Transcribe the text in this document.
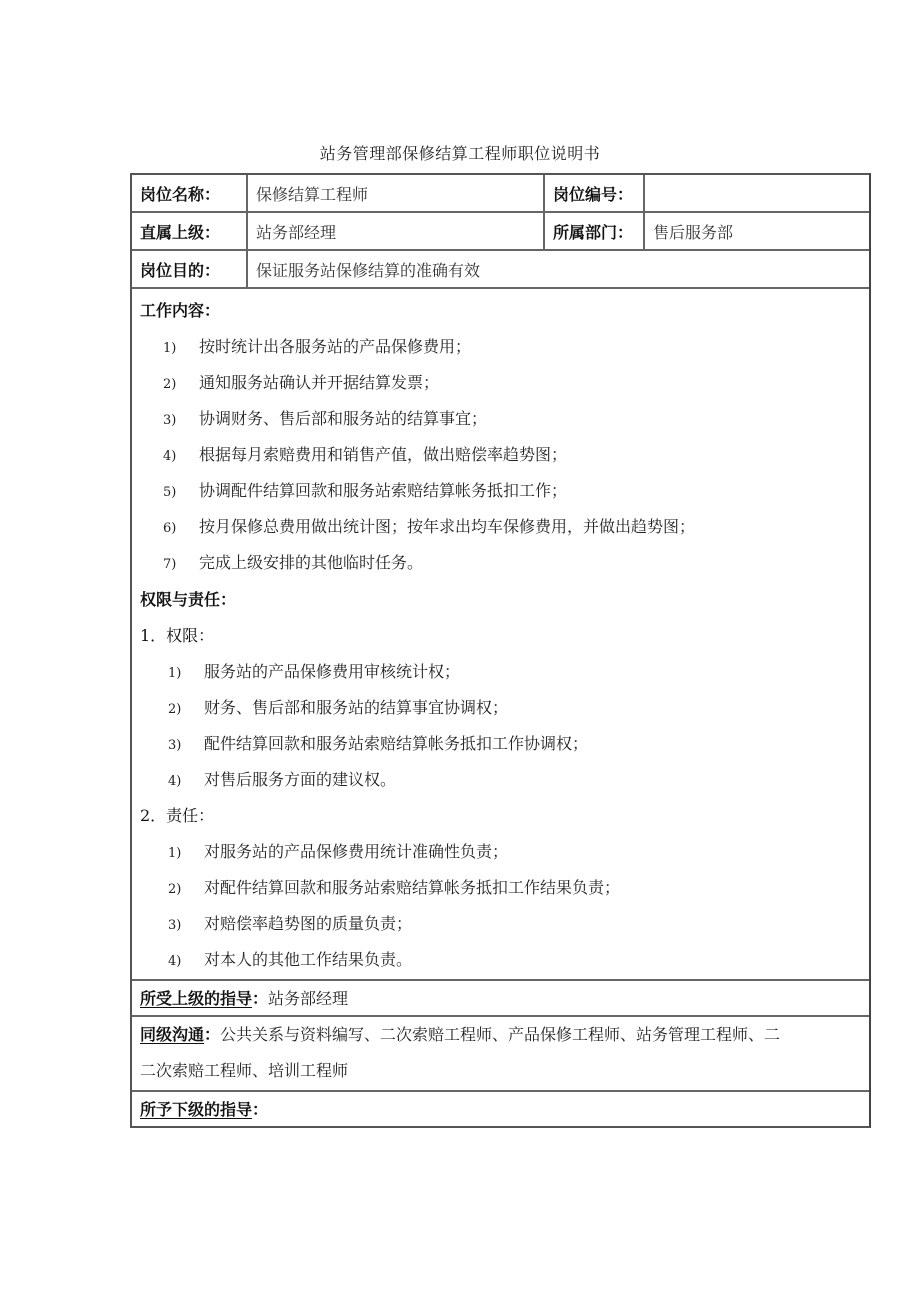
站务管理部保修结算工程师职位说明书
岗位名称：	保修结算工程师	岗位编号：
直属上级：	站务部经理	所属部门：	售后服务部
岗位目的：	保证服务站保修结算的准确有效
工作内容：
1) 按时统计出各服务站的产品保修费用；
2) 通知服务站确认并开据结算发票；
3) 协调财务、售后部和服务站的结算事宜；
4) 根据每月索赔费用和销售产值，做出赔偿率趋势图；
5) 协调配件结算回款和服务站索赔结算帐务抵扣工作；
6) 按月保修总费用做出统计图；按年求出均车保修费用，并做出趋势图；
7) 完成上级安排的其他临时任务。
权限与责任：
1．权限：
1) 服务站的产品保修费用审核统计权；
2) 财务、售后部和服务站的结算事宜协调权；
3) 配件结算回款和服务站索赔结算帐务抵扣工作协调权；
4) 对售后服务方面的建议权。
2．责任：
1) 对服务站的产品保修费用统计准确性负责；
2) 对配件结算回款和服务站索赔结算帐务抵扣工作结果负责；
3) 对赔偿率趋势图的质量负责；
4) 对本人的其他工作结果负责。
所受上级的指导：站务部经理
同级沟通：公共关系与资料编写、二次索赔工程师、产品保修工程师、站务管理工程师、二
二次索赔工程师、培训工程师
所予下级的指导：
